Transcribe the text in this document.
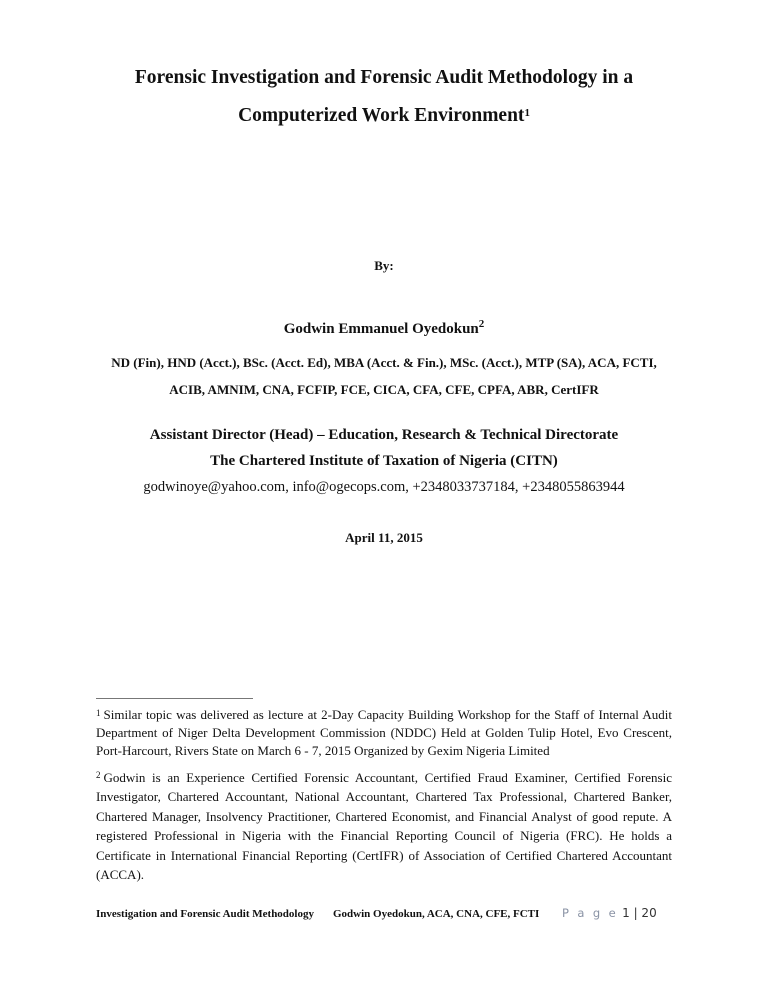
Forensic Investigation and Forensic Audit Methodology in a
Computerized Work Environment$^1$
By:
Godwin Emmanuel Oyedokun$^2$
ND (Fin), HND (Acct.), BSc. (Acct. Ed), MBA (Acct. & Fin.), MSc. (Acct.), MTP (SA), ACA, FCTI,
ACIB, AMNIM, CNA, FCFIP, FCE, CICA, CFA, CFE, CPFA, ABR, CertIFR
Assistant Director (Head) – Education, Research & Technical Directorate
The Chartered Institute of Taxation of Nigeria (CITN)
godwinoye@yahoo.com, info@ogecops.com, +2348033737184, +2348055863944
April 11, 2015
$^1$ Similar topic was delivered as lecture at 2-Day Capacity Building Workshop for the Staff of Internal Audit Department of Niger Delta Development Commission (NDDC) Held at Golden Tulip Hotel, Evo Crescent, Port-Harcourt, Rivers State on March 6 - 7, 2015 Organized by Gexim Nigeria Limited
$^2$ Godwin is an Experience Certified Forensic Accountant, Certified Fraud Examiner, Certified Forensic Investigator, Chartered Accountant, National Accountant, Chartered Tax Professional, Chartered Banker, Chartered Manager, Insolvency Practitioner, Chartered Economist, and Financial Analyst of good repute. A registered Professional in Nigeria with the Financial Reporting Council of Nigeria (FRC). He holds a Certificate in International Financial Reporting (CertIFR) of Association of Certified Chartered Accountant (ACCA).
Investigation and Forensic Audit Methodology Godwin Oyedokun, ACA, CNA, CFE, FCTI P a g e 1 | 20
